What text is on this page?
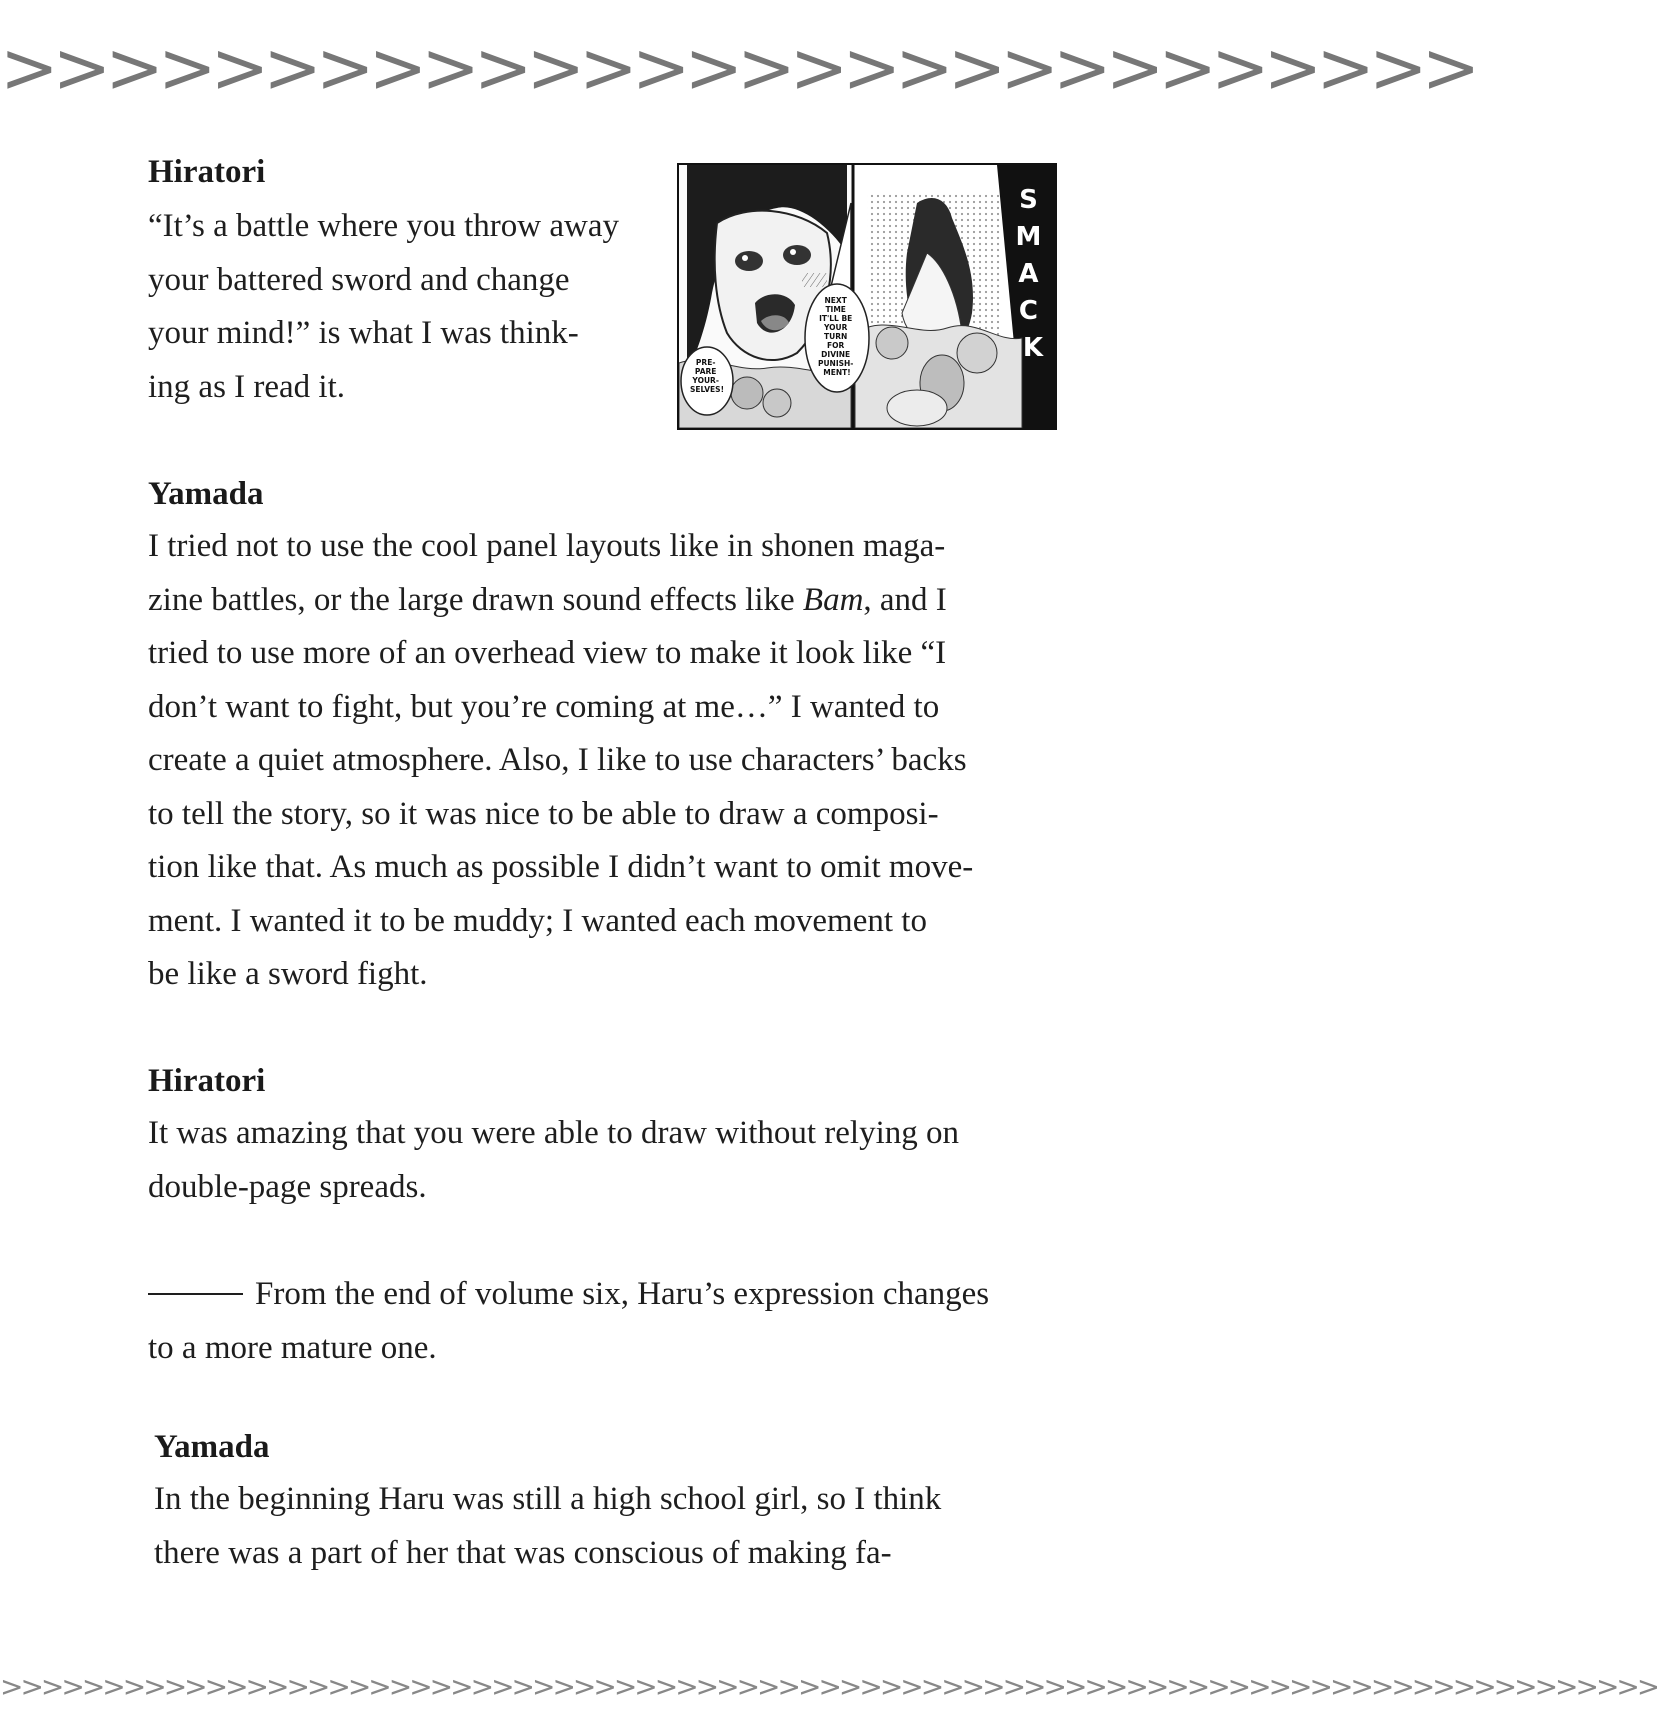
>>>>>>>>>>>>>>>>>>>>>>>>>>>>
Hiratori
“It’s a battle where you throw away
your battered sword and change
your mind!” is what I was think-
ing as I read it.
Yamada
I tried not to use the cool panel layouts like in shonen maga-
zine battles, or the large drawn sound effects like Bam, and I
tried to use more of an overhead view to make it look like “I
don’t want to fight, but you’re coming at me…” I wanted to
create a quiet atmosphere. Also, I like to use characters’ backs
to tell the story, so it was nice to be able to draw a composi-
tion like that. As much as possible I didn’t want to omit move-
ment. I wanted it to be muddy; I wanted each movement to
be like a sword fight.
Hiratori
It was amazing that you were able to draw without relying on
double-page spreads.
From the end of volume six, Haru’s expression changes
to a more mature one.
Yamada
In the beginning Haru was still a high school girl, so I think
there was a part of her that was conscious of making fa-
PRE- PARE YOUR- SELVES!
S M A C K
NEXT TIME IT'LL BE YOUR TURN FOR DIVINE PUNISH- MENT!
>>>>>>>>>>>>>>>>>>>>>>>>>>>>>>>>>>>>>>>>>>>>>>>>>>>>>>>>>>>>>>>>>>>>>>>>>>>>>>>>>
